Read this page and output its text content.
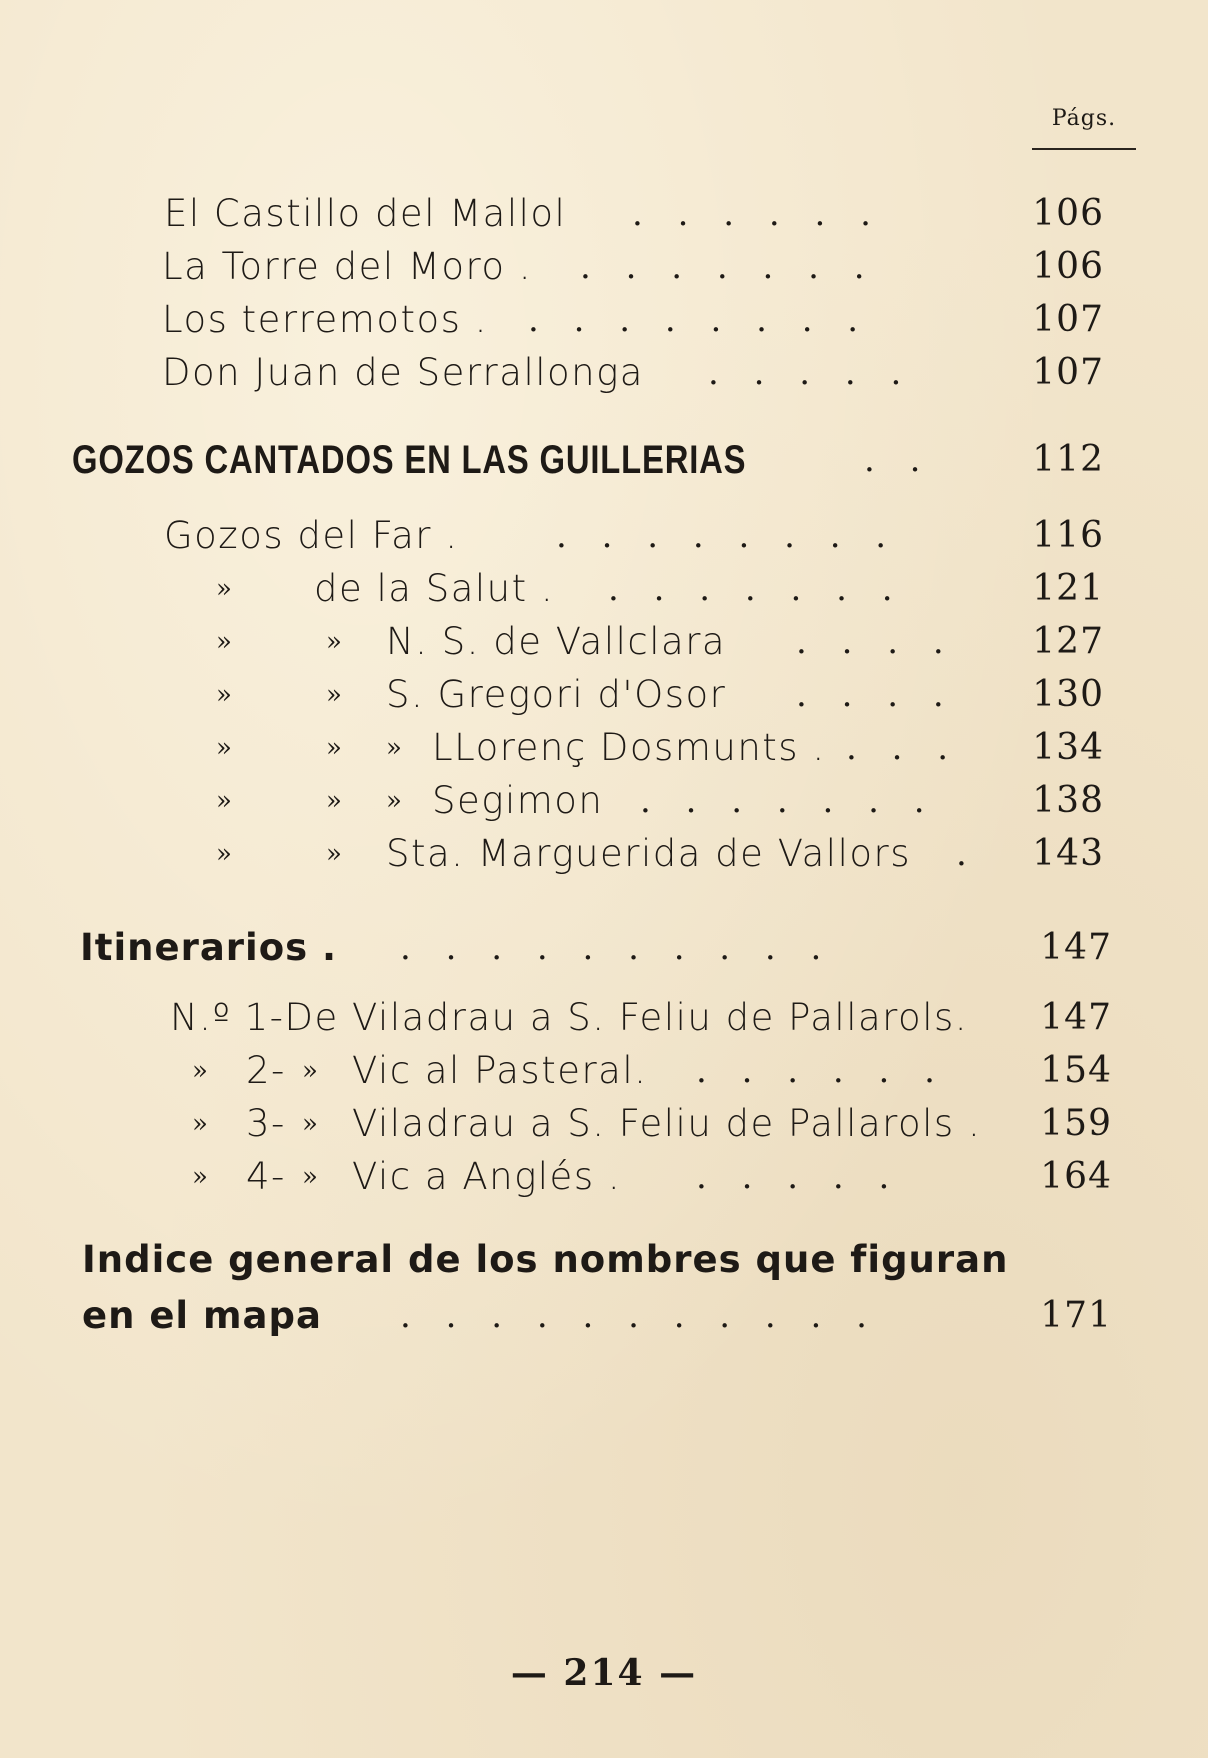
Págs.
El Castillo del Mallol . . . . . .	106
La Torre del Moro . . . . . . . .	106
Los terremotos . . . . . . . . .	107
Don Juan de Serrallonga . . . . .	107
GOZOS CANTADOS EN LAS GUILLERIAS	. .	112
Gozos del Far .	. . . . . . . .	116
» de la Salut . . . . . . . .	121
»	» N. S. de Vallclara . . . . 127
»	» S. Gregori d'Osor . . . . 130
»	» » LLorenç Dosmunts . . . . 134
»	» » Segimon . . . . . . .	138
»	» Sta. Marguerida de Vallors . 143
Itinerarios . . . . . . . . . . .	147
N.º 1-De Viladrau a S. Feliu de Pallarols. 147
» 2- » Vic al Pasteral. . . . . . .	154
» 3- » Viladrau a S. Feliu de Pallarols . 159
» 4- » Vic a Anglés . . . . . .	164
Indice general de los nombres que figuran
en el mapa . . . . . . . . . . .	171
— 214 —
